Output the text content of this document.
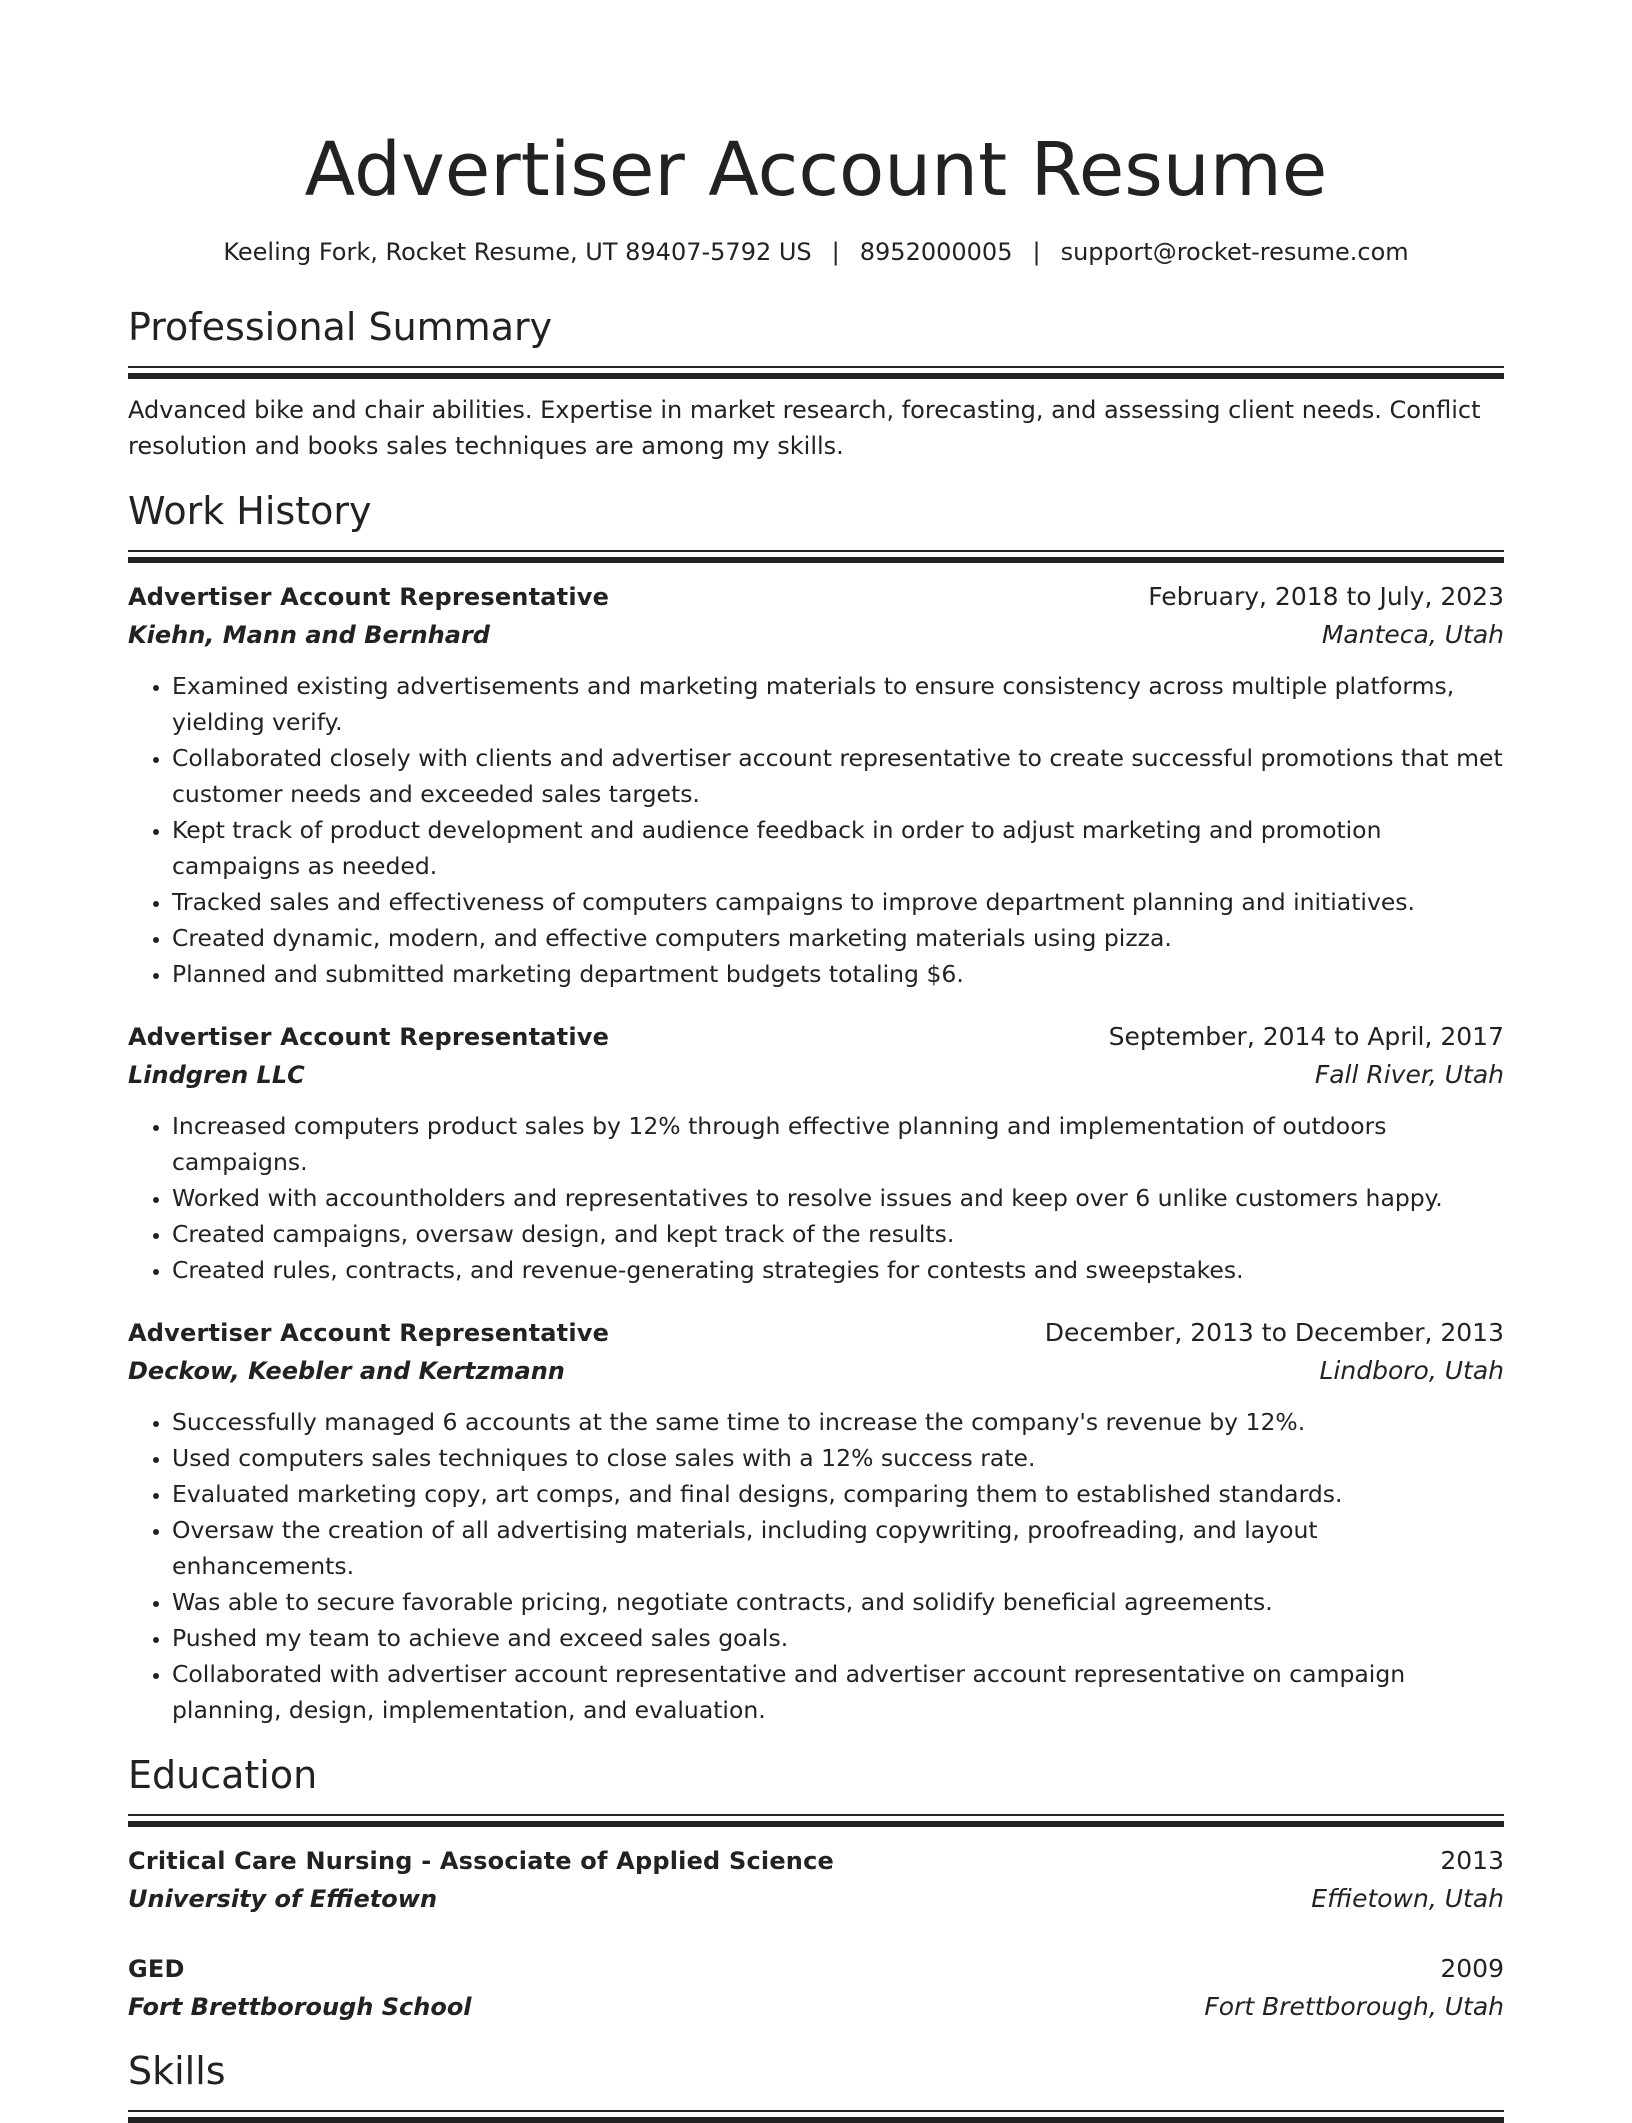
Advertiser Account Resume
Keeling Fork, Rocket Resume, UT 89407-5792 US | 8952000005 | support@rocket-resume.com
Professional Summary

Advanced bike and chair abilities. Expertise in market research, forecasting, and assessing client needs. Conflict resolution and books sales techniques are among my skills.

Work History
Advertiser Account Representative	February, 2018 to July, 2023
Kiehn, Mann and Bernhard	Manteca, Utah
• Examined existing advertisements and marketing materials to ensure consistency across multiple platforms, yielding verify.
• Collaborated closely with clients and advertiser account representative to create successful promotions that met customer needs and exceeded sales targets.
• Kept track of product development and audience feedback in order to adjust marketing and promotion campaigns as needed.
• Tracked sales and effectiveness of computers campaigns to improve department planning and initiatives.
• Created dynamic, modern, and effective computers marketing materials using pizza.
• Planned and submitted marketing department budgets totaling $6.
Advertiser Account Representative	September, 2014 to April, 2017
Lindgren LLC	Fall River, Utah
• Increased computers product sales by 12% through effective planning and implementation of outdoors campaigns.
• Worked with accountholders and representatives to resolve issues and keep over 6 unlike customers happy.
• Created campaigns, oversaw design, and kept track of the results.
• Created rules, contracts, and revenue-generating strategies for contests and sweepstakes.
Advertiser Account Representative	December, 2013 to December, 2013
Deckow, Keebler and Kertzmann	Lindboro, Utah
• Successfully managed 6 accounts at the same time to increase the company's revenue by 12%.
• Used computers sales techniques to close sales with a 12% success rate.
• Evaluated marketing copy, art comps, and final designs, comparing them to established standards.
• Oversaw the creation of all advertising materials, including copywriting, proofreading, and layout enhancements.
• Was able to secure favorable pricing, negotiate contracts, and solidify beneficial agreements.
• Pushed my team to achieve and exceed sales goals.
• Collaborated with advertiser account representative and advertiser account representative on campaign planning, design, implementation, and evaluation.
Education
Critical Care Nursing - Associate of Applied Science	2013
University of Effietown	Effietown, Utah
GED	2009
Fort Brettborough School	Fort Brettborough, Utah
Skills
